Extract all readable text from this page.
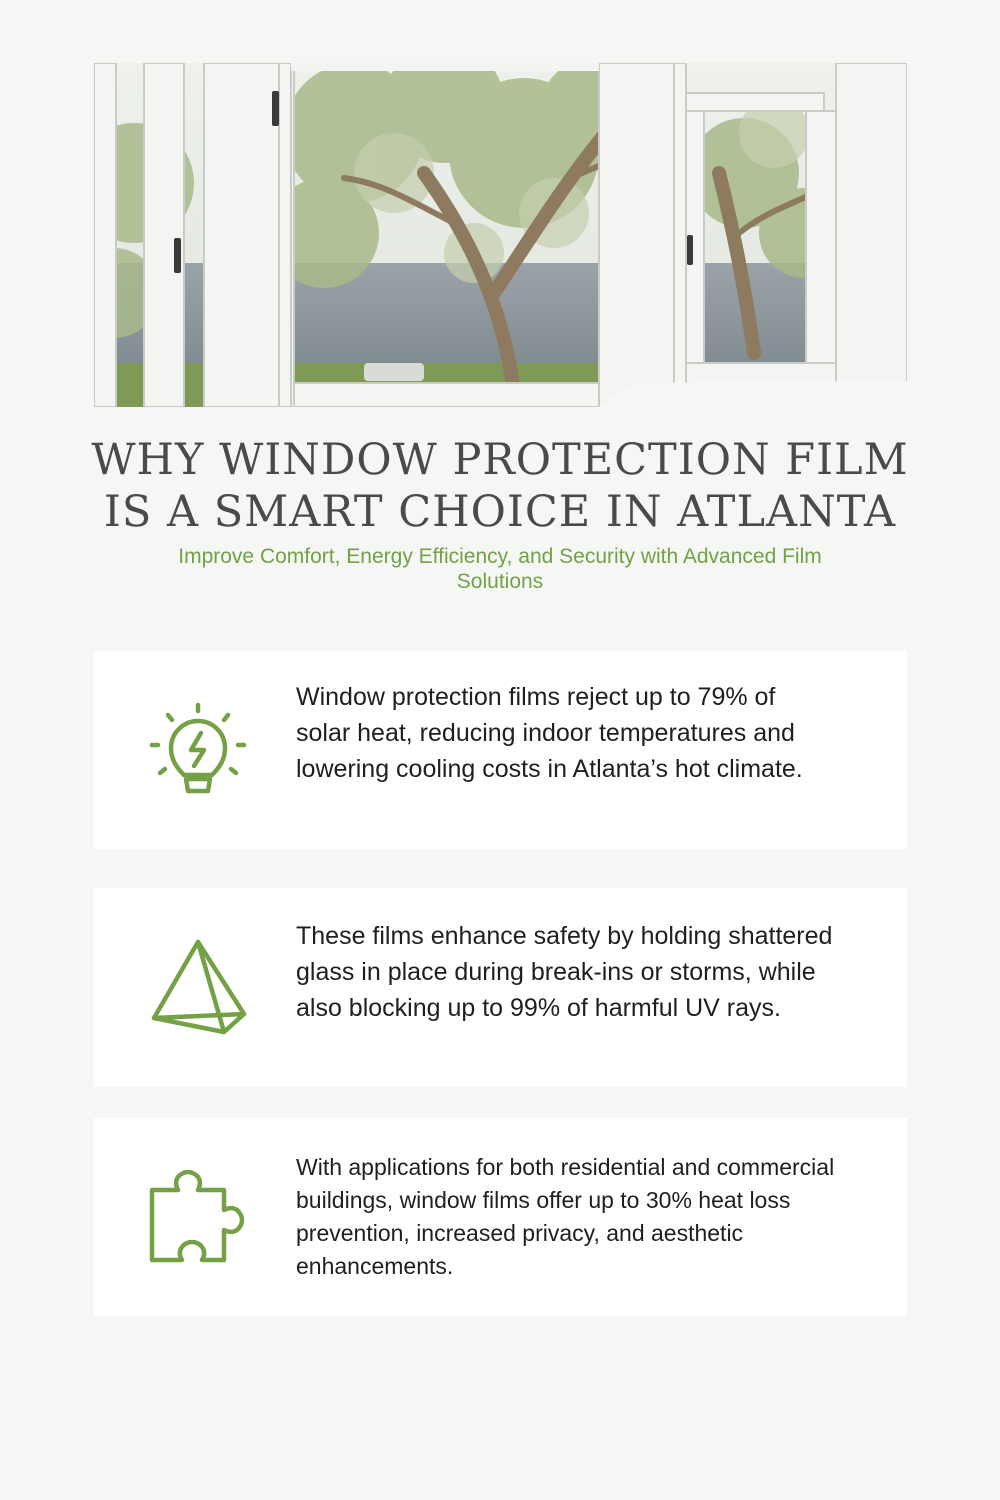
WHY WINDOW PROTECTION FILM
IS A SMART CHOICE IN ATLANTA

Improve Comfort, Energy Efficiency, and Security with Advanced Film Solutions

Window protection films reject up to 79% of solar heat, reducing indoor temperatures and lowering cooling costs in Atlanta’s hot climate.
These films enhance safety by holding shattered glass in place during break-ins or storms, while also blocking up to 99% of harmful UV rays.
With applications for both residential and commercial buildings, window films offer up to 30% heat loss prevention, increased privacy, and aesthetic enhancements.
